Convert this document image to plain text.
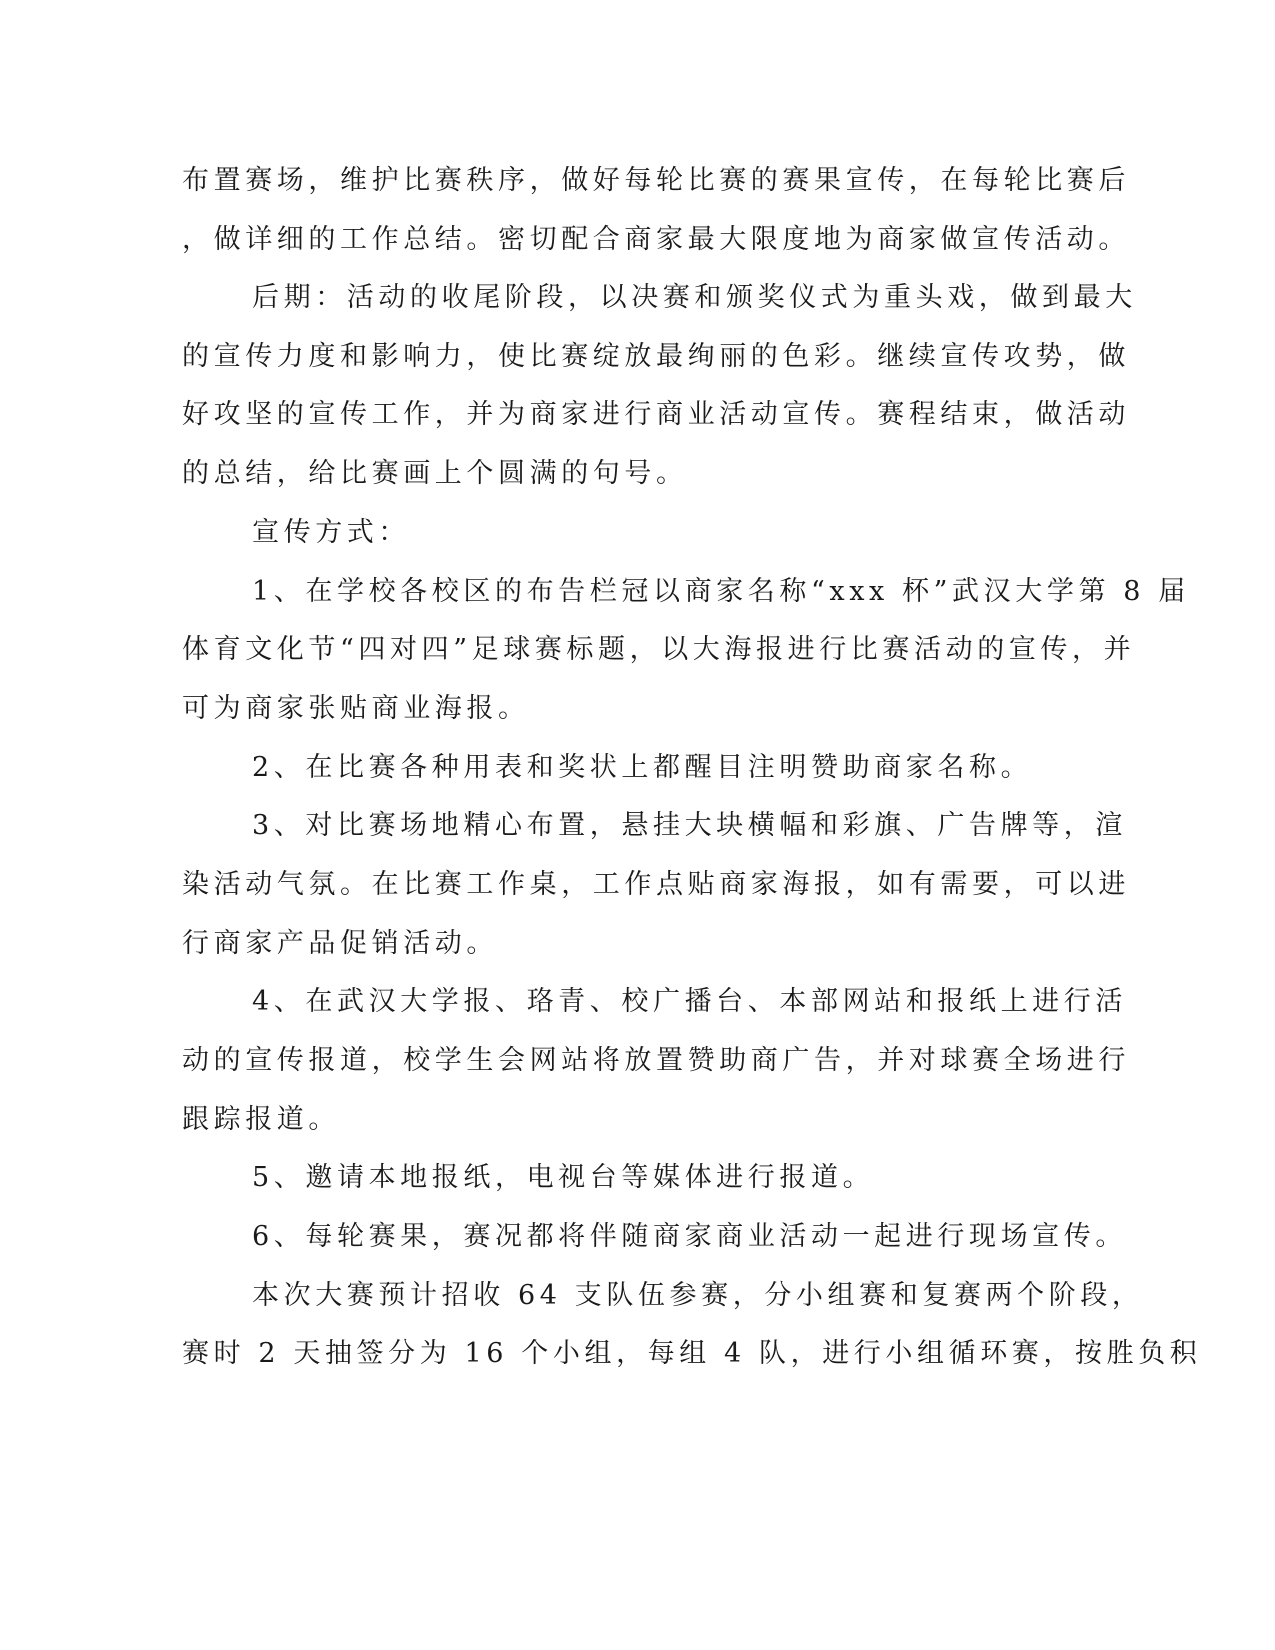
布置赛场，维护比赛秩序，做好每轮比赛的赛果宣传，在每轮比赛后
，做详细的工作总结。密切配合商家最大限度地为商家做宣传活动。
后期：活动的收尾阶段，以决赛和颁奖仪式为重头戏，做到最大
的宣传力度和影响力，使比赛绽放最绚丽的色彩。继续宣传攻势，做
好攻坚的宣传工作，并为商家进行商业活动宣传。赛程结束，做活动
的总结，给比赛画上个圆满的句号。
宣传方式：
1、在学校各校区的布告栏冠以商家名称“xxx 杯”武汉大学第 8 届
体育文化节“四对四”足球赛标题，以大海报进行比赛活动的宣传，并
可为商家张贴商业海报。
2、在比赛各种用表和奖状上都醒目注明赞助商家名称。
3、对比赛场地精心布置，悬挂大块横幅和彩旗、广告牌等，渲
染活动气氛。在比赛工作桌，工作点贴商家海报，如有需要，可以进
行商家产品促销活动。
4、在武汉大学报、珞青、校广播台、本部网站和报纸上进行活
动的宣传报道，校学生会网站将放置赞助商广告，并对球赛全场进行
跟踪报道。
5、邀请本地报纸，电视台等媒体进行报道。
6、每轮赛果，赛况都将伴随商家商业活动一起进行现场宣传。
本次大赛预计招收 64 支队伍参赛，分小组赛和复赛两个阶段，
赛时 2 天抽签分为 16 个小组，每组 4 队，进行小组循环赛，按胜负积
